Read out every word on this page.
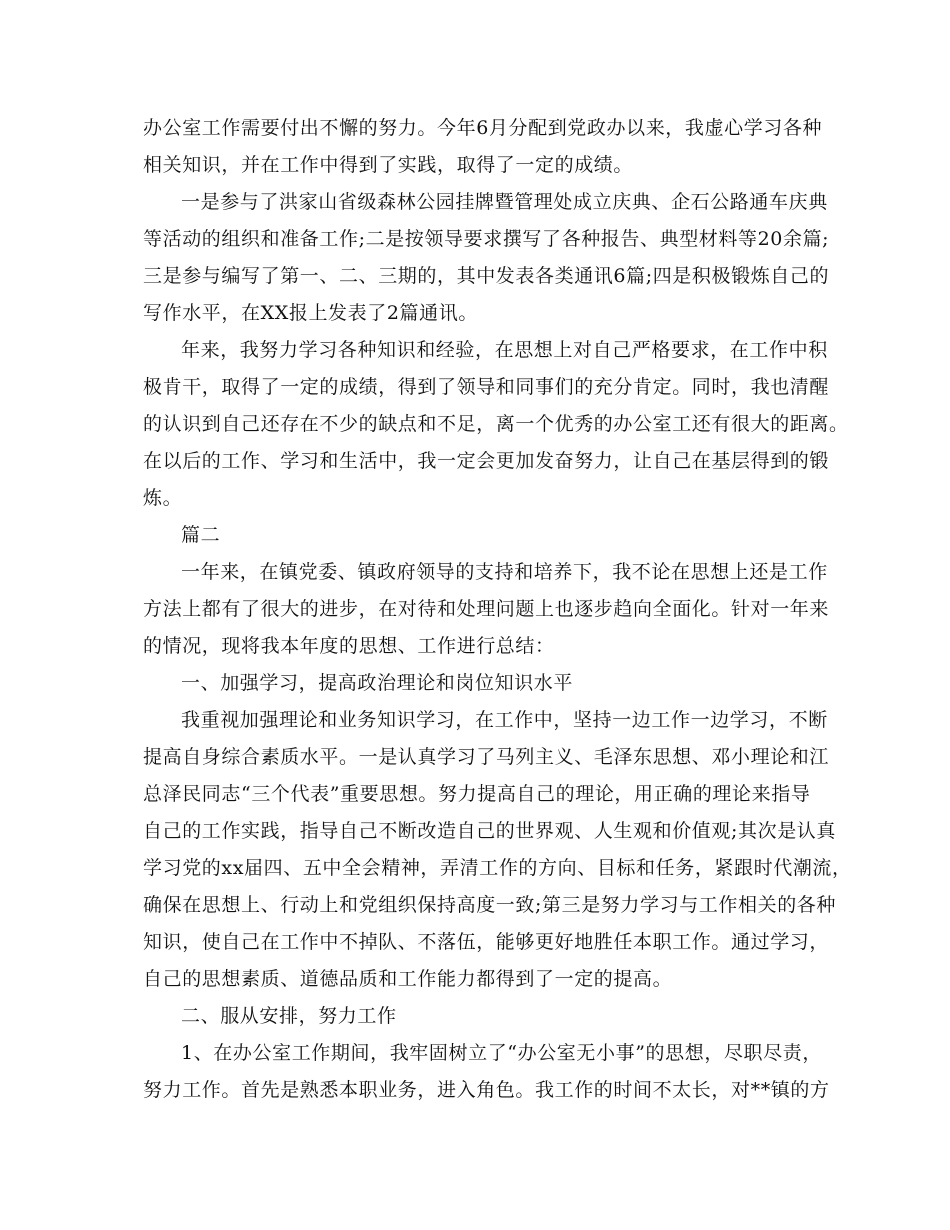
办公室工作需要付出不懈的努力。今年6月分配到党政办以来，我虚心学习各种
相关知识，并在工作中得到了实践，取得了一定的成绩。
一是参与了洪家山省级森林公园挂牌暨管理处成立庆典、企石公路通车庆典
等活动的组织和准备工作;二是按领导要求撰写了各种报告、典型材料等20余篇;
三是参与编写了第一、二、三期的，其中发表各类通讯6篇;四是积极锻炼自己的
写作水平，在XX报上发表了2篇通讯。
年来，我努力学习各种知识和经验，在思想上对自己严格要求，在工作中积
极肯干，取得了一定的成绩，得到了领导和同事们的充分肯定。同时，我也清醒
的认识到自己还存在不少的缺点和不足，离一个优秀的办公室工还有很大的距离。
在以后的工作、学习和生活中，我一定会更加发奋努力，让自己在基层得到的锻
炼。
篇二
一年来，在镇党委、镇政府领导的支持和培养下，我不论在思想上还是工作
方法上都有了很大的进步，在对待和处理问题上也逐步趋向全面化。针对一年来
的情况，现将我本年度的思想、工作进行总结：
一、加强学习，提高政治理论和岗位知识水平
我重视加强理论和业务知识学习，在工作中，坚持一边工作一边学习，不断
提高自身综合素质水平。一是认真学习了马列主义、毛泽东思想、邓小理论和江
总泽民同志“三个代表”重要思想。努力提高自己的理论，用正确的理论来指导
自己的工作实践，指导自己不断改造自己的世界观、人生观和价值观;其次是认真
学习党的xx届四、五中全会精神，弄清工作的方向、目标和任务，紧跟时代潮流，
确保在思想上、行动上和党组织保持高度一致;第三是努力学习与工作相关的各种
知识，使自己在工作中不掉队、不落伍，能够更好地胜任本职工作。通过学习，
自己的思想素质、道德品质和工作能力都得到了一定的提高。
二、服从安排，努力工作
1、在办公室工作期间，我牢固树立了“办公室无小事”的思想，尽职尽责，
努力工作。首先是熟悉本职业务，进入角色。我工作的时间不太长，对**镇的方
